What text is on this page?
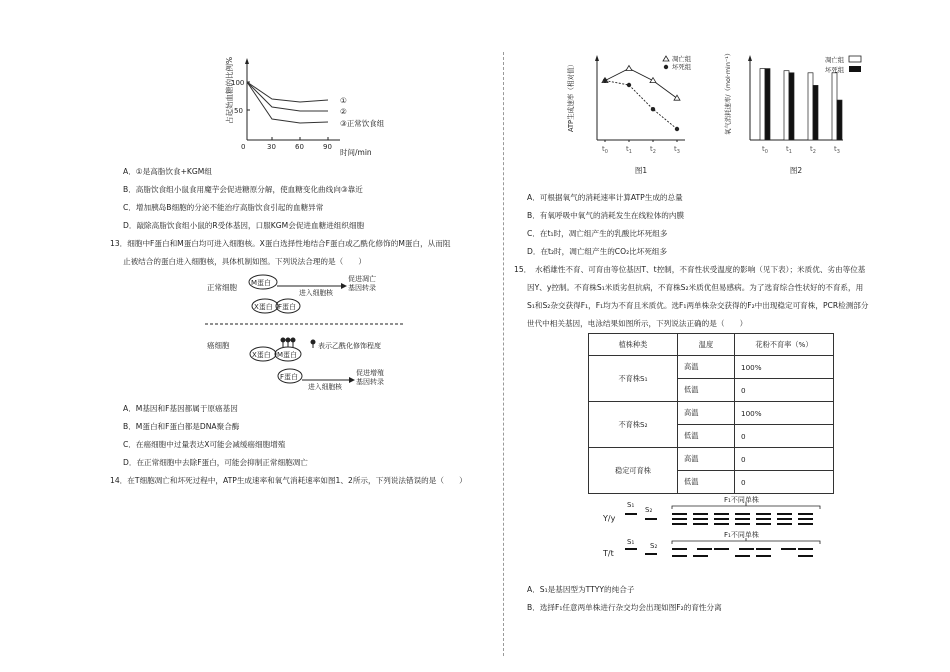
占起始血糖的比例%
100
50
0	30	60	90
时间/min
①
②
③正常饮食组
A．①是高脂饮食+KGM组
B．高脂饮食组小鼠食用魔芋会促进糖原分解，使血糖变化曲线向③靠近
C．增加胰岛B细胞的分泌不能治疗高脂饮食引起的血糖异常
D．敲除高脂饮食组小鼠的R受体基因，口服KGM会促进血糖进组织细胞
13．细胞中F蛋白和M蛋白均可进入细胞核。X蛋白选择性地结合F蛋白或乙酰化修饰的M蛋白，从而阻
止被结合的蛋白进入细胞核，具体机制如图。下列说法合理的是（　　）
正常细胞 M蛋白
进入细胞核
促进凋亡
基因转录
X蛋白 F蛋白
癌细胞
X蛋白 M蛋白
表示乙酰化修饰程度
F蛋白
进入细胞核
促进增殖
基因转录
A．M基因和F基因都属于原癌基因
B．M蛋白和F蛋白都是DNA聚合酶
C．在癌细胞中过量表达X可能会减缓癌细胞增殖
D．在正常细胞中去除F蛋白，可能会抑制正常细胞凋亡
14．在T细胞凋亡和坏死过程中，ATP生成速率和氧气消耗速率如图1、2所示，下列说法错误的是（　　）
ATP生成速率（相对值）
$t_0$	$t_1$	$t_2$	$t_3$
凋亡组
坏死组
图1
氧气消耗速率/（mol·min⁻¹）
$t_0$	$t_1$	$t_2$	$t_3$
凋亡组
坏死组
图2
A．可根据氧气的消耗速率计算ATP生成的总量
B．有氧呼吸中氧气的消耗发生在线粒体的内膜
C．在t₁时，凋亡组产生的乳酸比坏死组多
D．在t₂时，凋亡组产生的CO₂比坏死组多
15．　水稻雄性不育、可育由等位基因T、t控制，不育性状受温度的影响（见下表）；米质优、劣由等位基
因Y、y控制。不育株S₁米质劣但抗病，不育株S₂米质优但易感病。为了选育综合性状好的不育系，用
S₁和S₂杂交获得F₁，F₁均为不育且米质优。选F₁两单株杂交获得的F₂中出现稳定可育株，PCR检测部分
世代中相关基因，电泳结果如图所示，下列说法正确的是（　　）
植株种类	温度	花粉不育率（%）
不育株S₁	高温	100%
	低温	0
不育株S₂	高温	100%
	低温	0
稳定可育株	高温	0
	低温	0
Y/y
T/t
S₁
S₂
S₁ S₂
F₁不同单株
F₁不同单株
A．S₁是基因型为TTYY的纯合子
B．选择F₁任意两单株进行杂交均会出现如图F₂的育性分离
